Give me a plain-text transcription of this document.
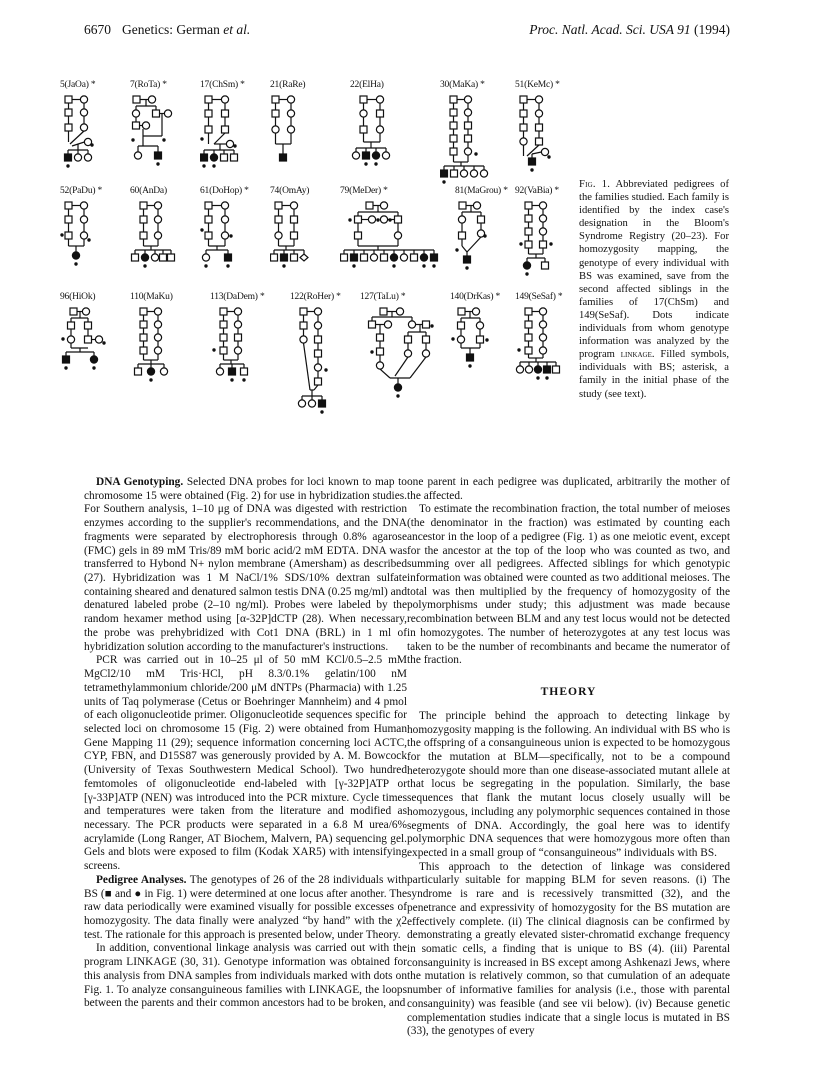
6670 Genetics: German et al.	Proc. Natl. Acad. Sci. USA 91 (1994)
5(JaOa) *	7(RoTa) *	17(ChSm) *	21(RaRe)	22(ElHa)	30(MaKa) *	51(KeMc) *
52(PaDu) *	60(AnDa)	61(DoHop) * 74(OmAy)	79(MeDer) *	81(MaGrou) * 92(VaBia) *
96(HiOk)	110(MaKu)	113(DaDem) *	122(RoHer) * 127(TaLu) *	140(DrKas) * 149(SeSaf) *
Fig. 1. Abbreviated pedigrees of the families studied. Each family is identified by the index case's designation in the Bloom's Syndrome Registry (20–23). For homozygosity mapping, the genotype of every individual with BS was examined, save from the second affected siblings in the families of 17(ChSm) and 149(SeSaf). Dots indicate individuals from whom genotype information was analyzed by the program linkage. Filled symbols, individuals with BS; asterisk, a family in the initial phase of the study (see text).

DNA Genotyping. Selected DNA probes for loci known to map to chromosome 15 were obtained (Fig. 2) for use in hybridization studies. For Southern analysis, 1–10 μg of DNA was digested with restriction enzymes according to the supplier's recommendations, and the DNA fragments were separated by electrophoresis through 0.8% agarose (FMC) gels in 89 mM Tris/89 mM boric acid/2 mM EDTA. DNA was transferred to Hybond N+ nylon membrane (Amersham) as described (27). Hybridization was 1 M NaCl/1% SDS/10% dextran sulfate containing sheared and denatured salmon testis DNA (0.25 mg/ml) and denatured labeled probe (2–10 ng/ml). Probes were labeled by the random hexamer method using [α-32P]dCTP (28). When necessary, the probe was prehybridized with Cot1 DNA (BRL) in 1 ml of hybridization solution according to the manufacturer's instructions.

PCR was carried out in 10–25 μl of 50 mM KCl/0.5–2.5 mM MgCl2/10 mM Tris·HCl, pH 8.3/0.1% gelatin/100 nM tetramethylammonium chloride/200 μM dNTPs (Pharmacia) with 1.25 units of Taq polymerase (Cetus or Boehringer Mannheim) and 4 pmol of each oligonucleotide primer. Oligonucleotide sequences specific for selected loci on chromosome 15 (Fig. 2) were obtained from Human Gene Mapping 11 (29); sequence information concerning loci ACTC, CYP, FBN, and D15S87 was generously provided by A. M. Bowcock (University of Texas Southwestern Medical School). Two hundred femtomoles of oligonucleotide end-labeled with [γ-32P]ATP or [γ-33P]ATP (NEN) was introduced into the PCR mixture. Cycle times and temperatures were taken from the literature and modified as necessary. The PCR products were separated in a 6.8 M urea/6% acrylamide (Long Ranger, AT Biochem, Malvern, PA) sequencing gel. Gels and blots were exposed to film (Kodak XAR5) with intensifying screens.

Pedigree Analyses. The genotypes of 26 of the 28 individuals with BS (■ and ● in Fig. 1) were determined at one locus after another. The raw data periodically were examined visually for possible excesses of homozygosity. The data finally were analyzed “by hand” with the χ2 test. The rationale for this approach is presented below, under Theory.

In addition, conventional linkage analysis was carried out with the program LINKAGE (30, 31). Genotype information was obtained for this analysis from DNA samples from individuals marked with dots on Fig. 1. To analyze consanguineous families with LINKAGE, the loops between the parents and their common ancestors had to be broken, and

one parent in each pedigree was duplicated, arbitrarily the mother of the affected.

To estimate the recombination fraction, the total number of meioses (the denominator in the fraction) was estimated by counting each ancestor in the loop of a pedigree (Fig. 1) as one meiotic event, except for the ancestor at the top of the loop who was counted as two, and summing over all pedigrees. Affected siblings for which genotypic information was obtained were counted as two additional meioses. The total was then multiplied by the frequency of homozygosity of the polymorphisms under study; this adjustment was made because recombination between BLM and any test locus would not be detected in homozygotes. The number of heterozygotes at any test locus was taken to be the number of recombinants and became the numerator of the fraction.

THEORY

The principle behind the approach to detecting linkage by homozygosity mapping is the following. An individual with BS who is the offspring of a consanguineous union is expected to be homozygous for the mutation at BLM—specifically, not to be a compound heterozygote should more than one disease-associated mutant allele at that locus be segregating in the population. Similarly, the base sequences that flank the mutant locus closely usually will be homozygous, including any polymorphic sequences contained in those segments of DNA. Accordingly, the goal here was to identify polymorphic DNA sequences that were homozygous more often than expected in a small group of “consanguineous” individuals with BS.

This approach to the detection of linkage was considered particularly suitable for mapping BLM for seven reasons. (i) The syndrome is rare and is recessively transmitted (32), and the penetrance and expressivity of homozygosity for the BS mutation are effectively complete. (ii) The clinical diagnosis can be confirmed by demonstrating a greatly elevated sister-chromatid exchange frequency in somatic cells, a finding that is unique to BS (4). (iii) Parental consanguinity is increased in BS except among Ashkenazi Jews, where the mutation is relatively common, so that cumulation of an adequate number of informative families for analysis (i.e., those with parental consanguinity) was feasible (and see vii below). (iv) Because genetic complementation studies indicate that a single locus is mutated in BS (33), the genotypes of every
